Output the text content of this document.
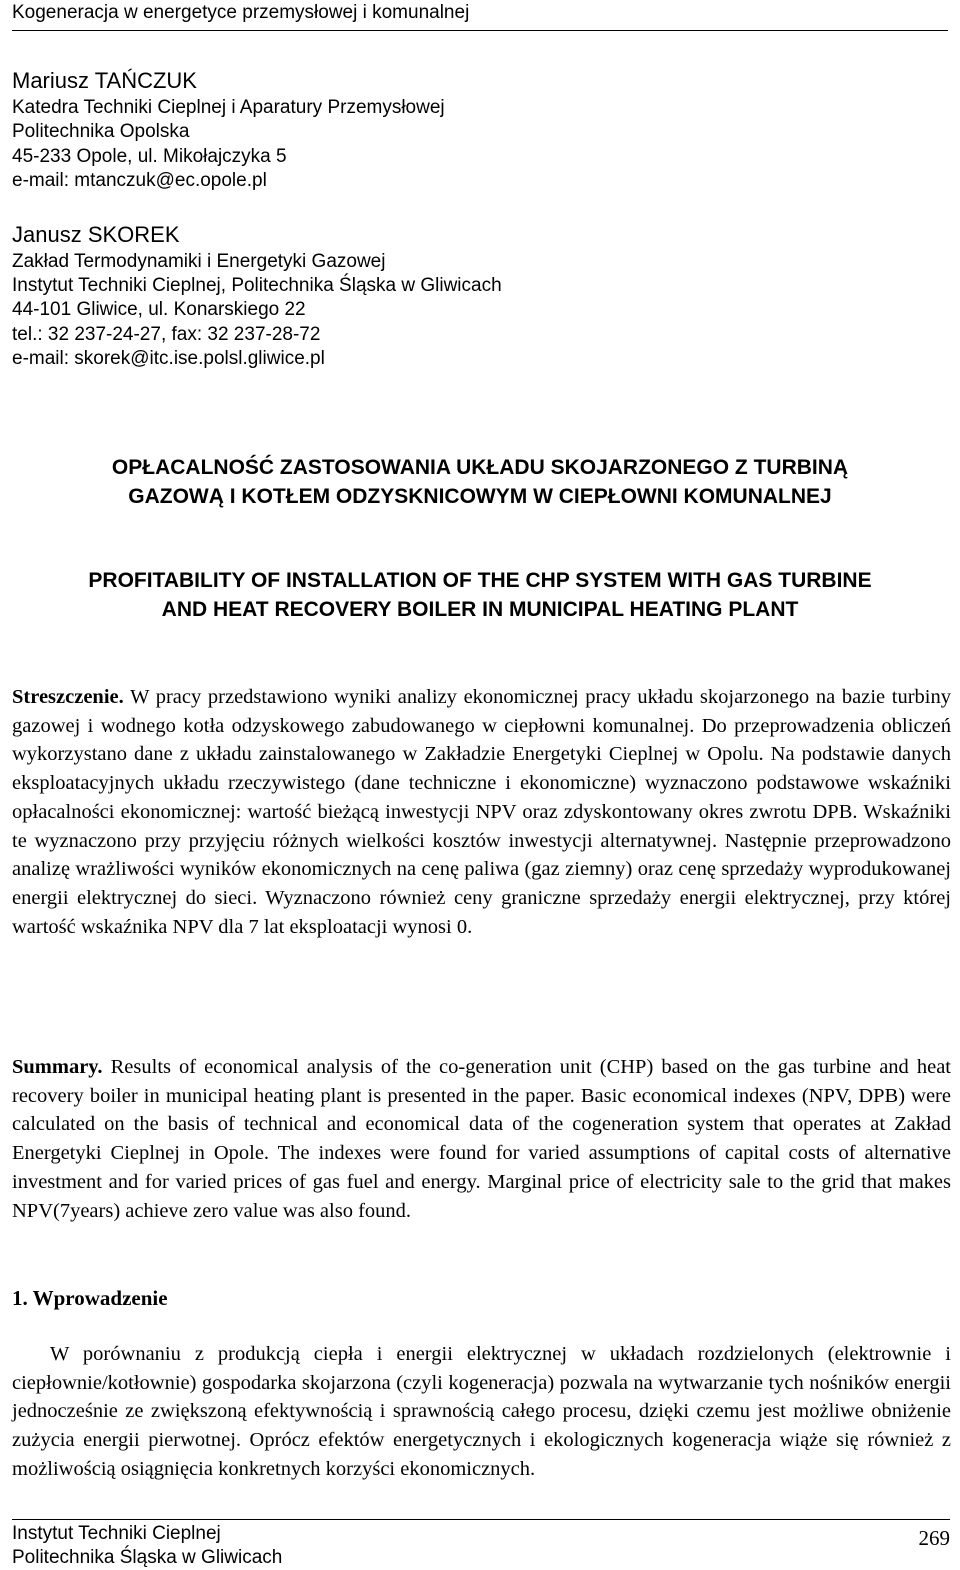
Kogeneracja w energetyce przemysłowej i komunalnej
Mariusz TAŃCZUK
Katedra Techniki Cieplnej i Aparatury Przemysłowej
Politechnika Opolska
45-233 Opole, ul. Mikołajczyka 5
e-mail: mtanczuk@ec.opole.pl
Janusz SKOREK
Zakład Termodynamiki i Energetyki Gazowej
Instytut Techniki Cieplnej, Politechnika Śląska w Gliwicach
44-101 Gliwice, ul. Konarskiego 22
tel.: 32 237-24-27, fax: 32 237-28-72
e-mail: skorek@itc.ise.polsl.gliwice.pl
OPŁACALNOŚĆ ZASTOSOWANIA UKŁADU SKOJARZONEGO Z TURBINĄ
GAZOWĄ I KOTŁEM ODZYSKNICOWYM W CIEPŁOWNI KOMUNALNEJ
PROFITABILITY OF INSTALLATION OF THE CHP SYSTEM WITH GAS TURBINE
AND HEAT RECOVERY BOILER IN MUNICIPAL HEATING PLANT
Streszczenie. W pracy przedstawiono wyniki analizy ekonomicznej pracy układu skojarzonego na bazie turbiny gazowej i wodnego kotła odzyskowego zabudowanego w ciepłowni komunalnej. Do przeprowadzenia obliczeń wykorzystano dane z układu zainstalowanego w Zakładzie Energetyki Cieplnej w Opolu. Na podstawie danych eksploatacyjnych układu rzeczywistego (dane techniczne i ekonomiczne) wyznaczono podstawowe wskaźniki opłacalności ekonomicznej: wartość bieżącą inwestycji NPV oraz zdyskontowany okres zwrotu DPB. Wskaźniki te wyznaczono przy przyjęciu różnych wielkości kosztów inwestycji alternatywnej. Następnie przeprowadzono analizę wrażliwości wyników ekonomicznych na cenę paliwa (gaz ziemny) oraz cenę sprzedaży wyprodukowanej energii elektrycznej do sieci. Wyznaczono również ceny graniczne sprzedaży energii elektrycznej, przy której wartość wskaźnika NPV dla 7 lat eksploatacji wynosi 0.
Summary. Results of economical analysis of the co-generation unit (CHP) based on the gas turbine and heat recovery boiler in municipal heating plant is presented in the paper. Basic economical indexes (NPV, DPB) were calculated on the basis of technical and economical data of the cogeneration system that operates at Zakład Energetyki Cieplnej in Opole. The indexes were found for varied assumptions of capital costs of alternative investment and for varied prices of gas fuel and energy. Marginal price of electricity sale to the grid that makes NPV(7years) achieve zero value was also found.
1. Wprowadzenie
W porównaniu z produkcją ciepła i energii elektrycznej w układach rozdzielonych (elektrownie i ciepłownie/kotłownie) gospodarka skojarzona (czyli kogeneracja) pozwala na wytwarzanie tych nośników energii jednocześnie ze zwiększoną efektywnością i sprawnością całego procesu, dzięki czemu jest możliwe obniżenie zużycia energii pierwotnej. Oprócz efektów energetycznych i ekologicznych kogeneracja wiąże się również z możliwością osiągnięcia konkretnych korzyści ekonomicznych.
Instytut Techniki Cieplnej
Politechnika Śląska w Gliwicach
269
